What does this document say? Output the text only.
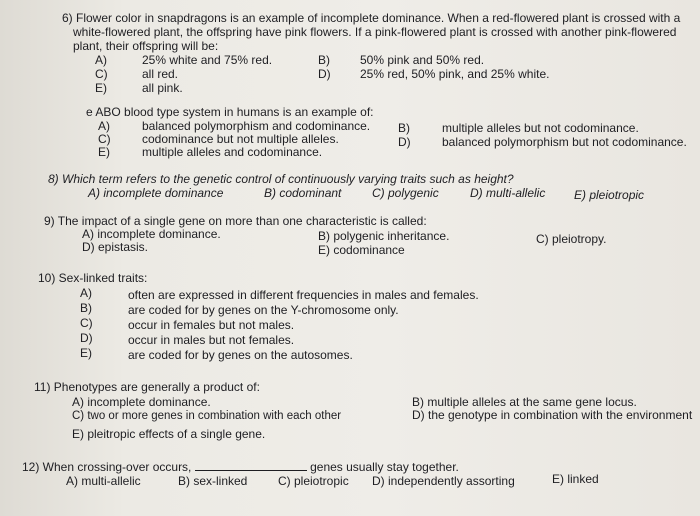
6) Flower color in snapdragons is an example of incomplete dominance. When a red-flowered plant is crossed with a
white-flowered plant, the offspring have pink flowers. If a pink-flowered plant is crossed with another pink-flowered
plant, their offspring will be:
A)	25% white and 75% red.	B)	50% pink and 50% red.
C)	all red.	D) 25% red, 50% pink, and 25% white.
E)	all pink.
e ABO blood type system in humans is an example of:
A)	balanced polymorphism and codominance. B)	multiple alleles but not codominance.
C)	codominance but not multiple alleles.	D)	balanced polymorphism but not codominance.
E)	multiple alleles and codominance.
8) Which term refers to the genetic control of continuously varying traits such as height?
A) incomplete dominance	B) codominant	C) polygenic	D) multi-allelic E) pleiotropic
9) The impact of a single gene on more than one characteristic is called:
A) incomplete dominance.	B) polygenic inheritance.	C) pleiotropy.
D) epistasis.	E) codominance
10) Sex-linked traits:
A)	often are expressed in different frequencies in males and females.
B)	are coded for by genes on the Y-chromosome only.
C)	occur in females but not males.
D)	occur in males but not females.
E)	are coded for by genes on the autosomes.
11) Phenotypes are generally a product of:
A) incomplete dominance.	B) multiple alleles at the same gene locus.
C) two or more genes in combination with each other	D) the genotype in combination with the environment
E) pleitropic effects of a single gene.
12) When crossing-over occurs,	genes usually stay together.
A) multi-allelic	B) sex-linked	C) pleiotropic D) independently assorting	E) linked
